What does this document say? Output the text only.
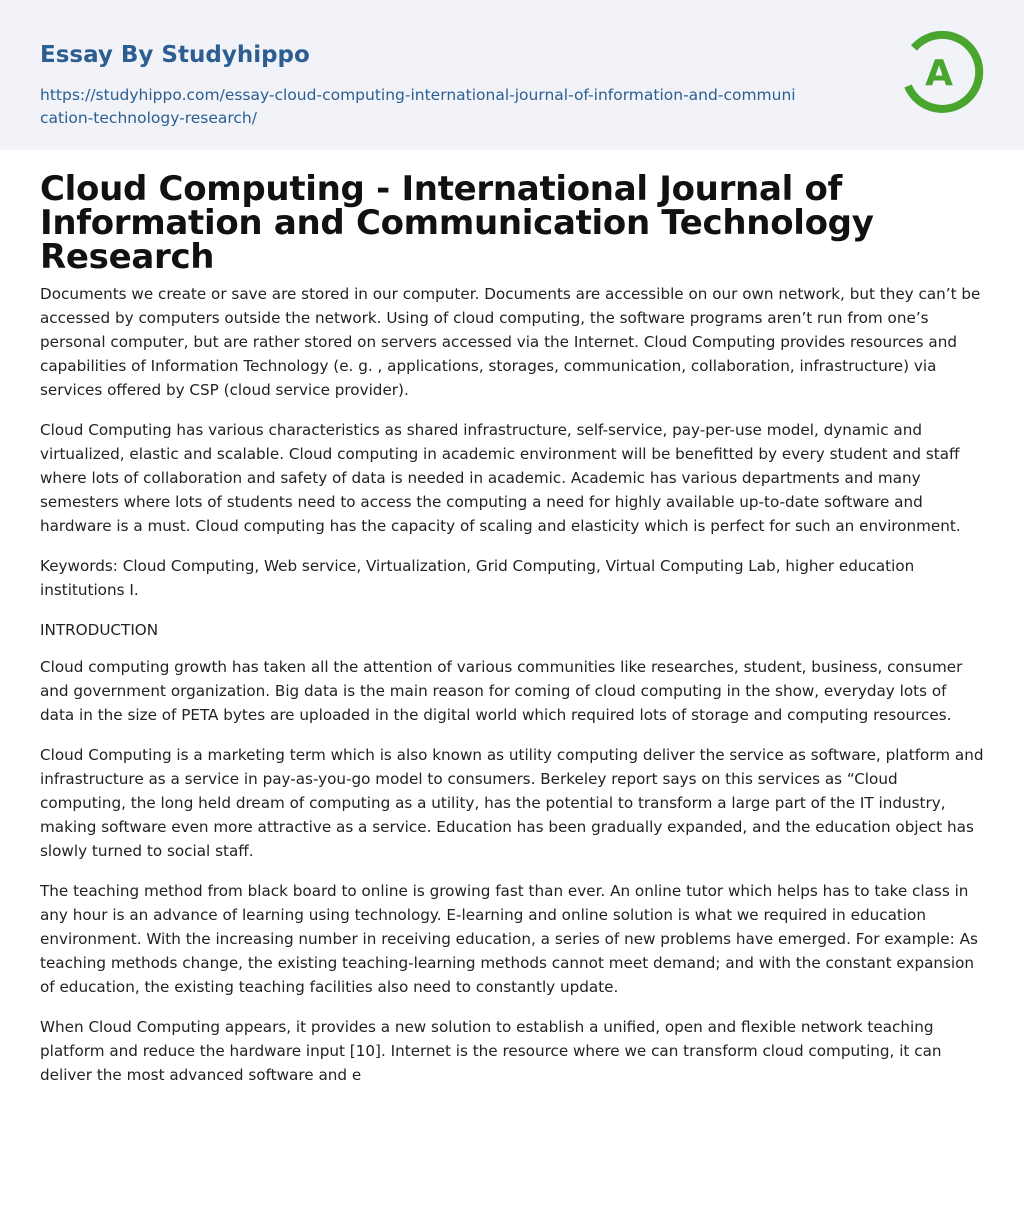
Essay By Studyhippo
https://studyhippo.com/essay-cloud-computing-international-journal-of-information-and-communication-technology-research/
A
Cloud Computing - International Journal of Information and Communication Technology Research

Documents we create or save are stored in our computer. Documents are accessible on our own network, but they can’t be accessed by computers outside the network. Using of cloud computing, the software programs aren’t run from one’s personal computer, but are rather stored on servers accessed via the Internet. Cloud Computing provides resources and capabilities of Information Technology (e. g. , applications, storages, communication, collaboration, infrastructure) via services offered by CSP (cloud service provider).

Cloud Computing has various characteristics as shared infrastructure, self-service, pay-per-use model, dynamic and virtualized, elastic and scalable. Cloud computing in academic environment will be benefitted by every student and staff where lots of collaboration and safety of data is needed in academic. Academic has various departments and many semesters where lots of students need to access the computing a need for highly available up-to-date software and hardware is a must. Cloud computing has the capacity of scaling and elasticity which is perfect for such an environment.

Keywords: Cloud Computing, Web service, Virtualization, Grid Computing, Virtual Computing Lab, higher education institutions I.

INTRODUCTION

Cloud computing growth has taken all the attention of various communities like researches, student, business, consumer and government organization. Big data is the main reason for coming of cloud computing in the show, everyday lots of data in the size of PETA bytes are uploaded in the digital world which required lots of storage and computing resources.

Cloud Computing is a marketing term which is also known as utility computing deliver the service as software, platform and infrastructure as a service in pay-as-you-go model to consumers. Berkeley report says on this services as “Cloud computing, the long held dream of computing as a utility, has the potential to transform a large part of the IT industry, making software even more attractive as a service. Education has been gradually expanded, and the education object has slowly turned to social staff.

The teaching method from black board to online is growing fast than ever. An online tutor which helps has to take class in any hour is an advance of learning using technology. E-learning and online solution is what we required in education environment. With the increasing number in receiving education, a series of new problems have emerged. For example: As teaching methods change, the existing teaching-learning methods cannot meet demand; and with the constant expansion of education, the existing teaching facilities also need to constantly update.

When Cloud Computing appears, it provides a new solution to establish a unified, open and flexible network teaching platform and reduce the hardware input [10]. Internet is the resource where we can transform cloud computing, it can deliver the most advanced software and e
